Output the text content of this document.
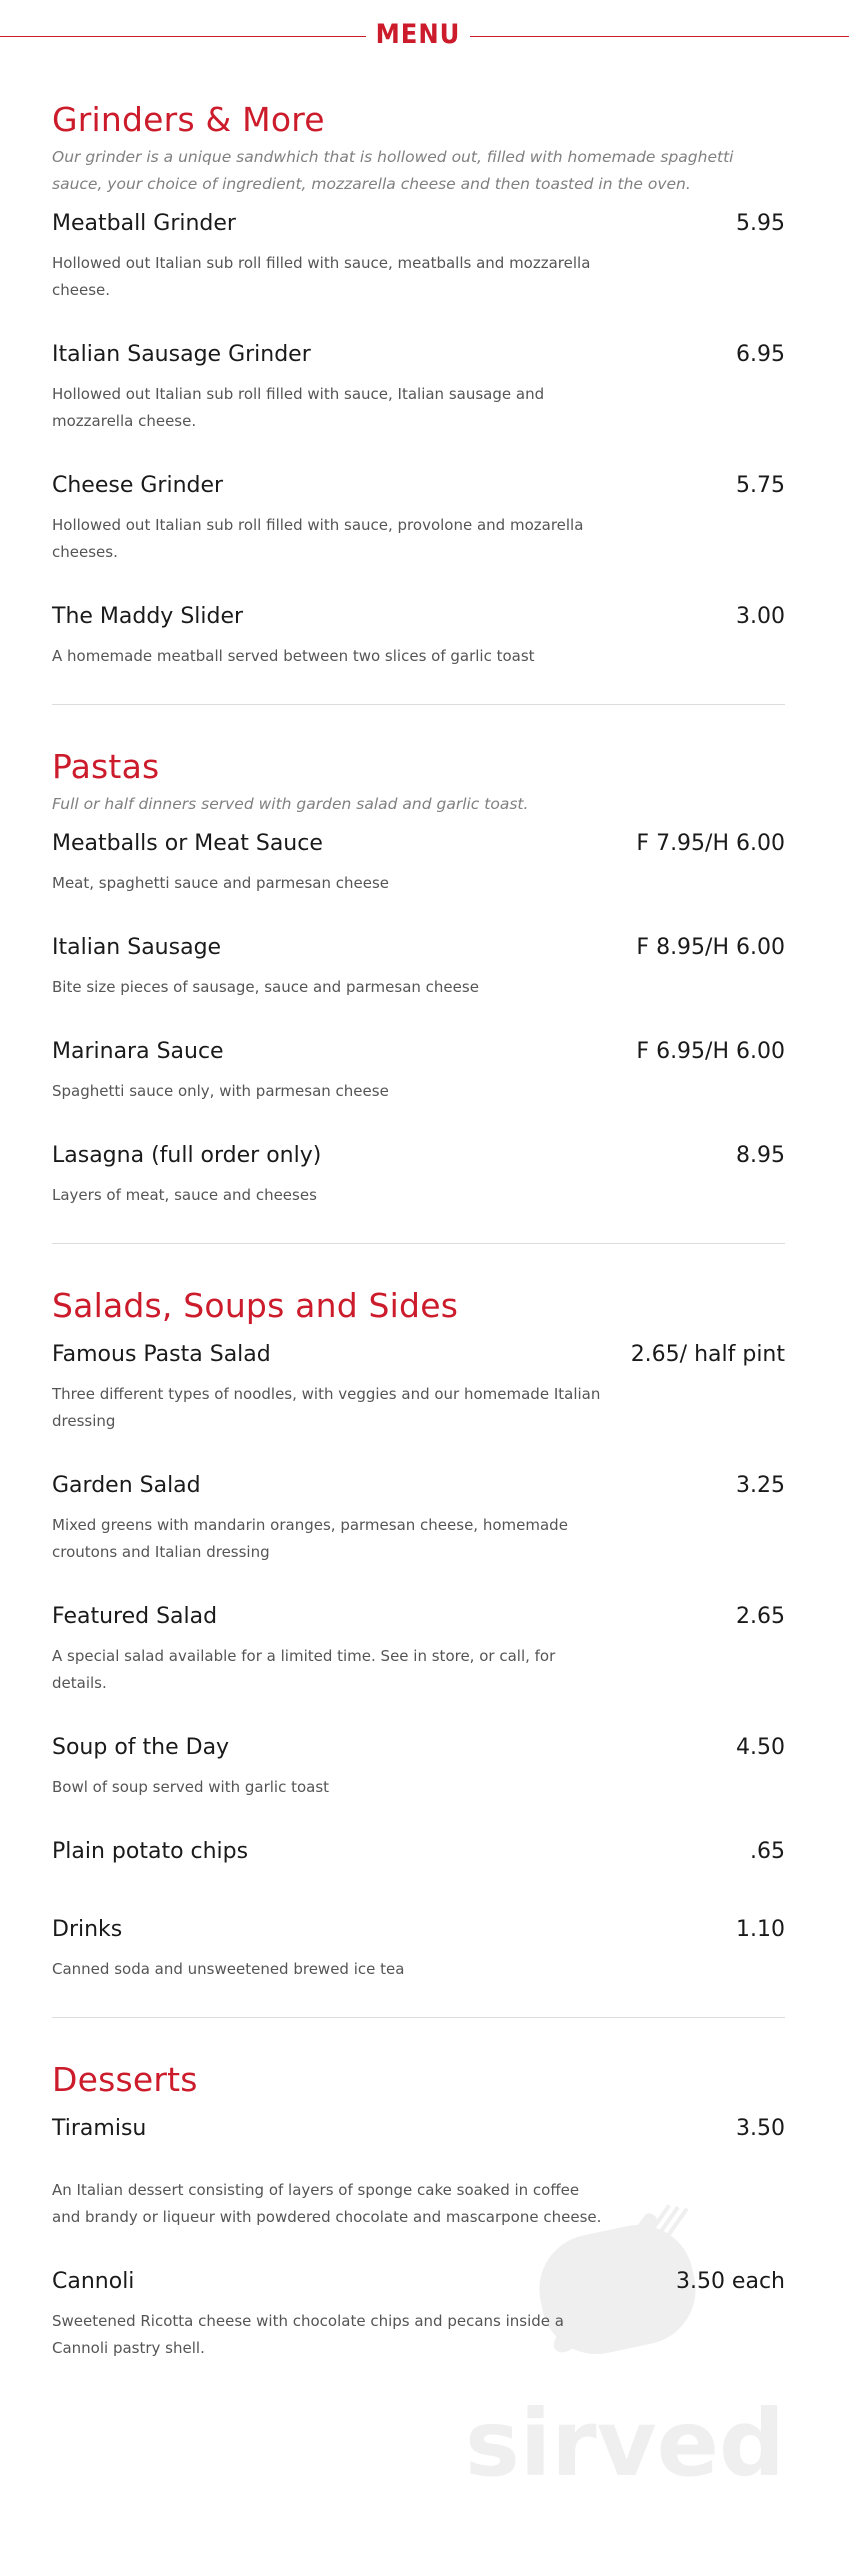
MENU
sirved
Grinders & More
Our grinder is a unique sandwhich that is hollowed out, filled with homemade spaghetti sauce, your choice of ingredient, mozzarella cheese and then toasted in the oven.
Meatball Grinder	5.95
Hollowed out Italian sub roll filled with sauce, meatballs and mozzarella cheese.
Italian Sausage Grinder	6.95
Hollowed out Italian sub roll filled with sauce, Italian sausage and mozzarella cheese.
Cheese Grinder	5.75
Hollowed out Italian sub roll filled with sauce, provolone and mozarella cheeses.
The Maddy Slider	3.00
A homemade meatball served between two slices of garlic toast
Pastas
Full or half dinners served with garden salad and garlic toast.
Meatballs or Meat Sauce	F 7.95/H 6.00
Meat, spaghetti sauce and parmesan cheese
Italian Sausage	F 8.95/H 6.00
Bite size pieces of sausage, sauce and parmesan cheese
Marinara Sauce	F 6.95/H 6.00
Spaghetti sauce only, with parmesan cheese
Lasagna (full order only)	8.95
Layers of meat, sauce and cheeses
Salads, Soups and Sides
Famous Pasta Salad	2.65/ half pint
Three different types of noodles, with veggies and our homemade Italian dressing
Garden Salad	3.25
Mixed greens with mandarin oranges, parmesan cheese, homemade croutons and Italian dressing
Featured Salad	2.65
A special salad available for a limited time. See in store, or call, for details.
Soup of the Day	4.50
Bowl of soup served with garlic toast
Plain potato chips	.65
Drinks	1.10
Canned soda and unsweetened brewed ice tea
Desserts
Tiramisu	3.50
An Italian dessert consisting of layers of sponge cake soaked in coffee and brandy or liqueur with powdered chocolate and mascarpone cheese.
Cannoli	3.50 each
Sweetened Ricotta cheese with chocolate chips and pecans inside a Cannoli pastry shell.
